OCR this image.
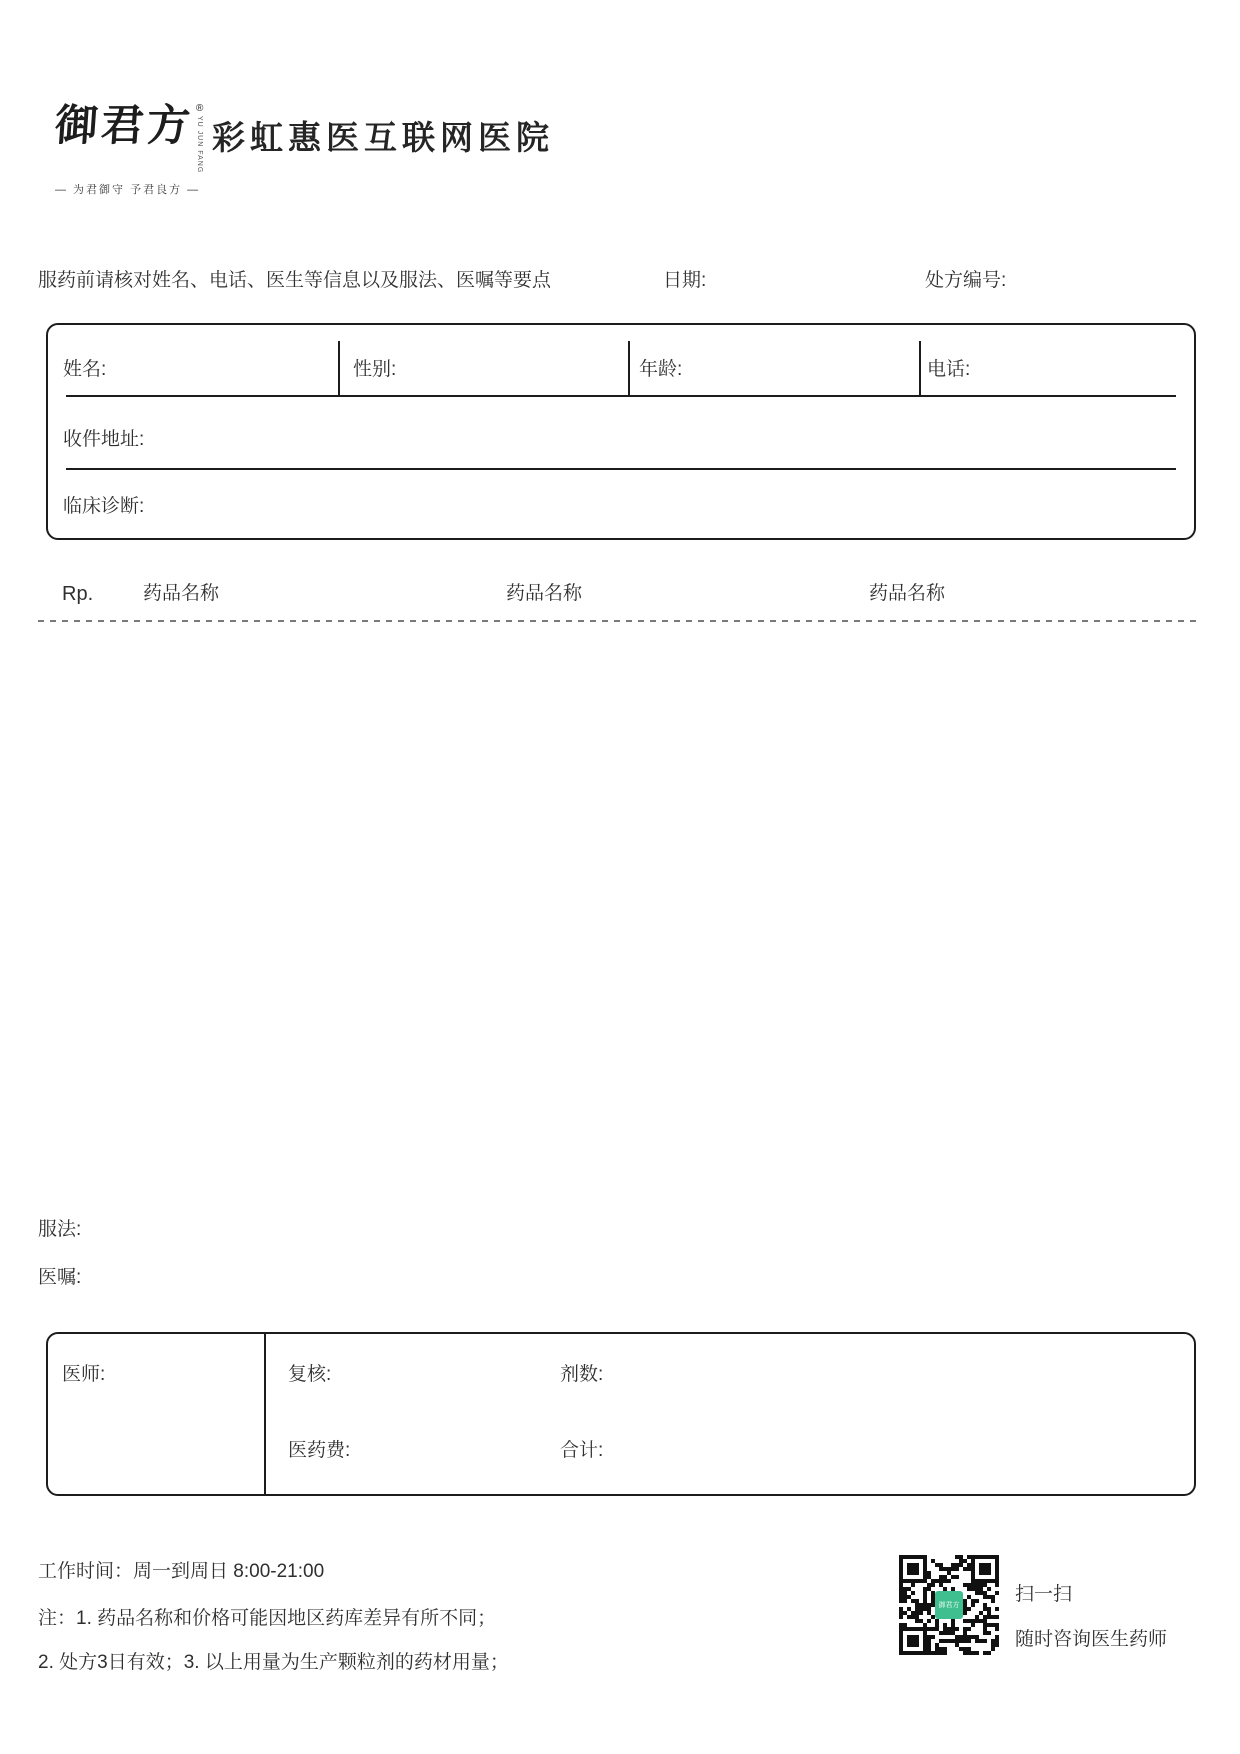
御君方 ®
YU JUN FANG
— 为君御守 予君良方 —
彩虹惠医互联网医院
服药前请核对姓名、电话、医生等信息以及服法、医嘱等要点	日期:	处方编号:
姓名:	性别:	年龄:	电话:
收件地址:
临床诊断:
Rp.	药品名称	药品名称	药品名称
服法:
医嘱:
医师:	复核:	剂数:
医药费:	合计:
工作时间：周一到周日 8:00-21:00
注：1. 药品名称和价格可能因地区药库差异有所不同；
2. 处方3日有效；3. 以上用量为生产颗粒剂的药材用量；
御君方
扫一扫
随时咨询医生药师
